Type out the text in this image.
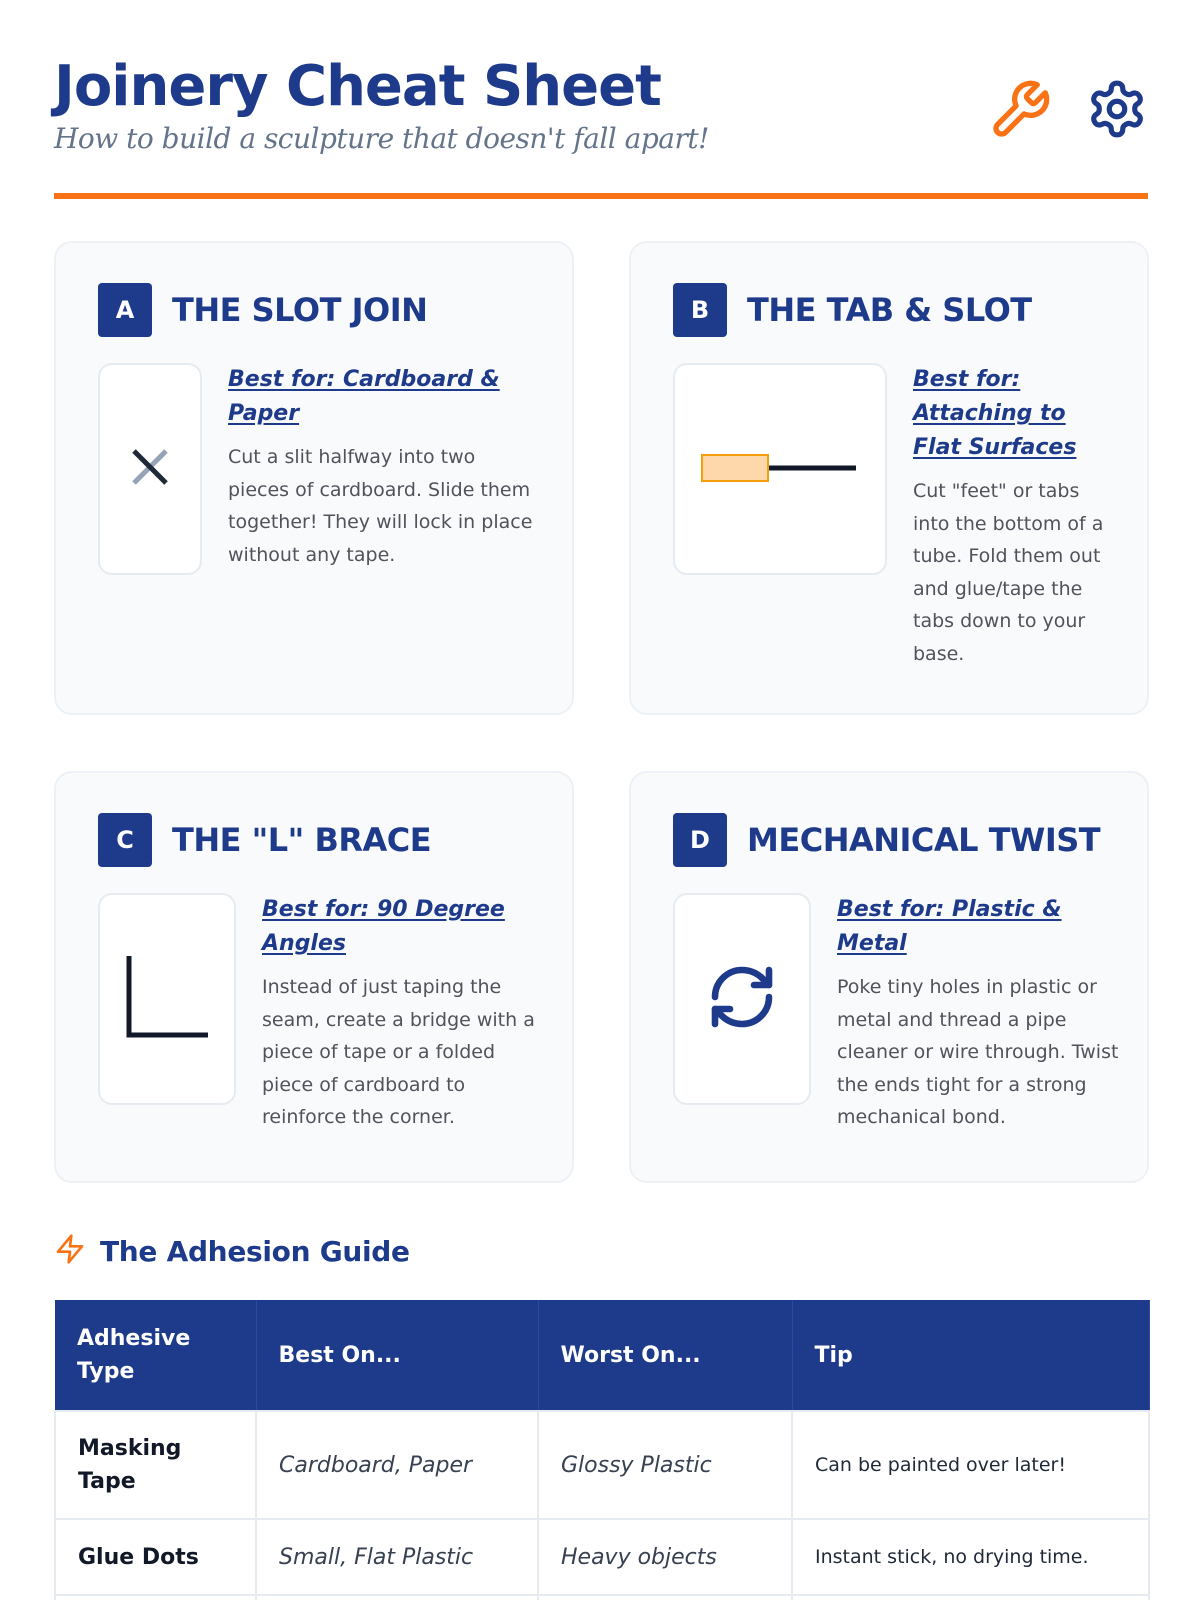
Joinery Cheat Sheet
How to build a sculpture that doesn't fall apart!
A	THE SLOT JOIN
Best for: Cardboard & Paper
Cut a slit halfway into two pieces of cardboard. Slide them together! They will lock in place without any tape.
B	THE TAB & SLOT
Best for: Attaching to Flat Surfaces
Cut "feet" or tabs into the bottom of a tube. Fold them out and glue/tape the tabs down to your base.
C	THE "L" BRACE
Best for: 90 Degree Angles
Instead of just taping the seam, create a bridge with a piece of tape or a folded piece of cardboard to reinforce the corner.
D	MECHANICAL TWIST
Best for: Plastic & Metal
Poke tiny holes in plastic or metal and thread a pipe cleaner or wire through. Twist the ends tight for a strong mechanical bond.
The Adhesion Guide
Adhesive Type	Best On...	Worst On...	Tip
Masking Tape	Cardboard, Paper	Glossy Plastic	Can be painted over later!
Glue Dots	Small, Flat Plastic	Heavy objects	Instant stick, no drying time.
